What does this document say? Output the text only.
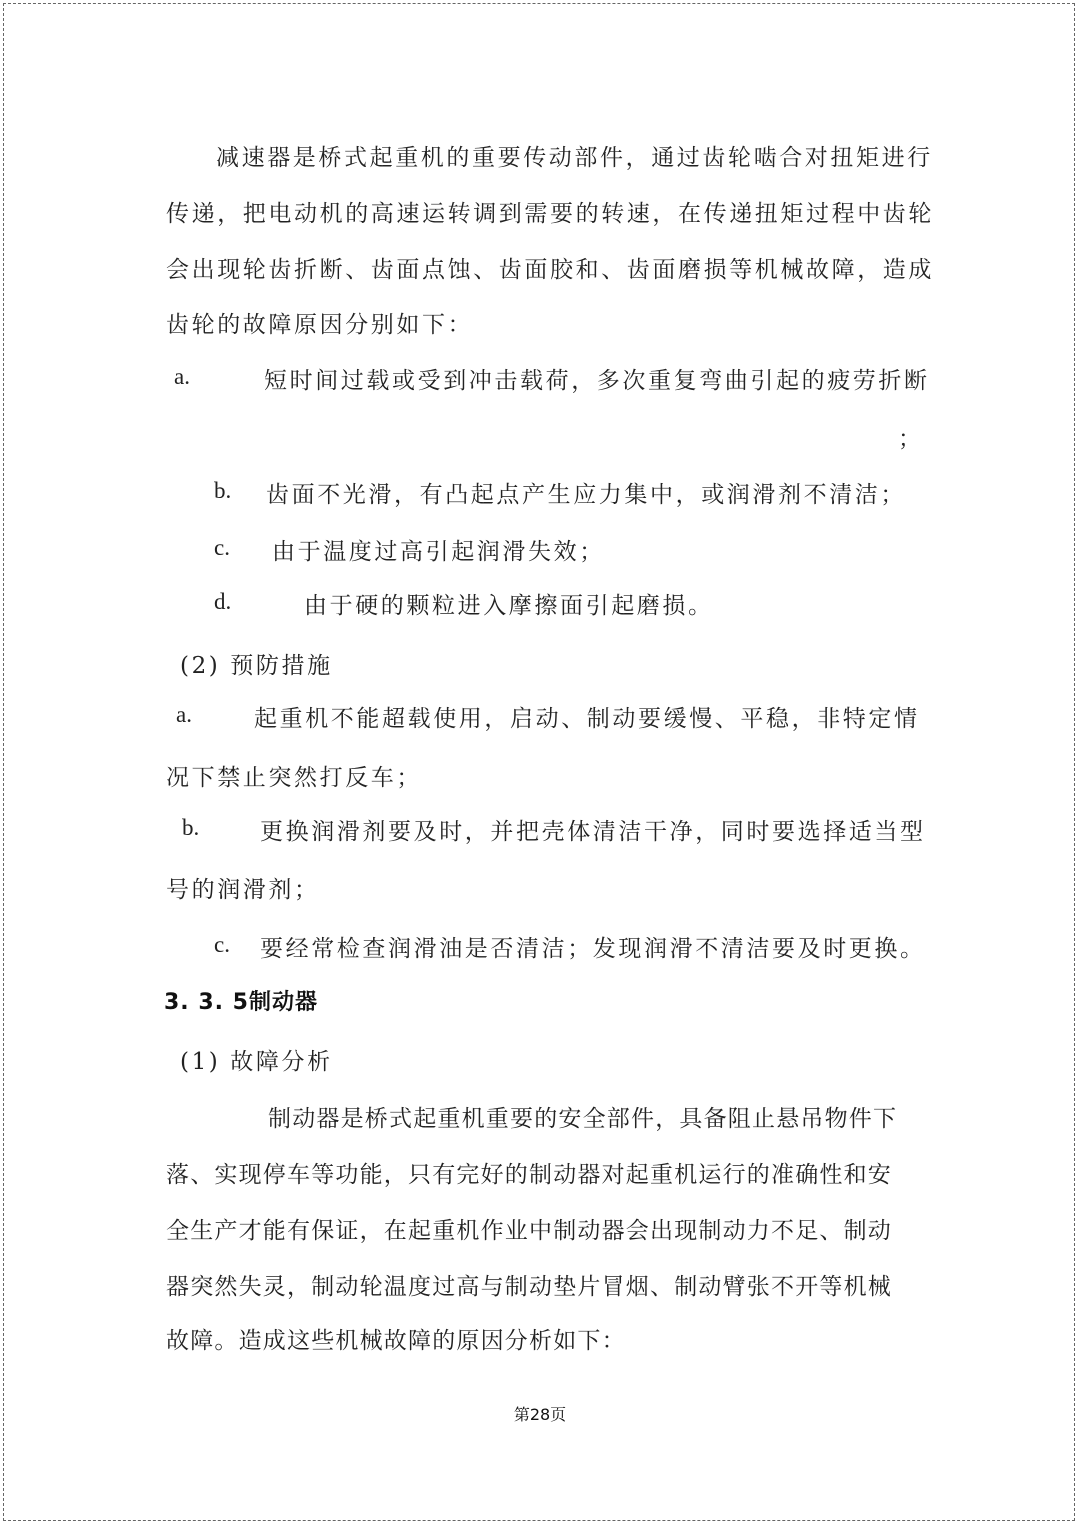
减速器是桥式起重机的重要传动部件，通过齿轮啮合对扭矩进行

传递，把电动机的高速运转调到需要的转速，在传递扭矩过程中齿轮

会出现轮齿折断、齿面点蚀、齿面胶和、齿面磨损等机械故障，造成

齿轮的故障原因分别如下：

a.	短时间过载或受到冲击载荷，多次重复弯曲引起的疲劳折断
；
b. 齿面不光滑，有凸起点产生应力集中，或润滑剂不清洁；
c. 由于温度过高引起润滑失效；
d.	由于硬的颗粒进入摩擦面引起磨损。

(2) 预防措施

a.	起重机不能超载使用，启动、制动要缓慢、平稳，非特定情

况下禁止突然打反车；

b.	更换润滑剂要及时，并把壳体清洁干净，同时要选择适当型

号的润滑剂；

c. 要经常检查润滑油是否清洁；发现润滑不清洁要及时更换。

3. 3. 5制动器

(1) 故障分析

制动器是桥式起重机重要的安全部件，具备阻止悬吊物件下

落、实现停车等功能，只有完好的制动器对起重机运行的准确性和安

全生产才能有保证，在起重机作业中制动器会出现制动力不足、制动

器突然失灵，制动轮温度过高与制动垫片冒烟、制动臂张不开等机械

故障。造成这些机械故障的原因分析如下：

第28页
